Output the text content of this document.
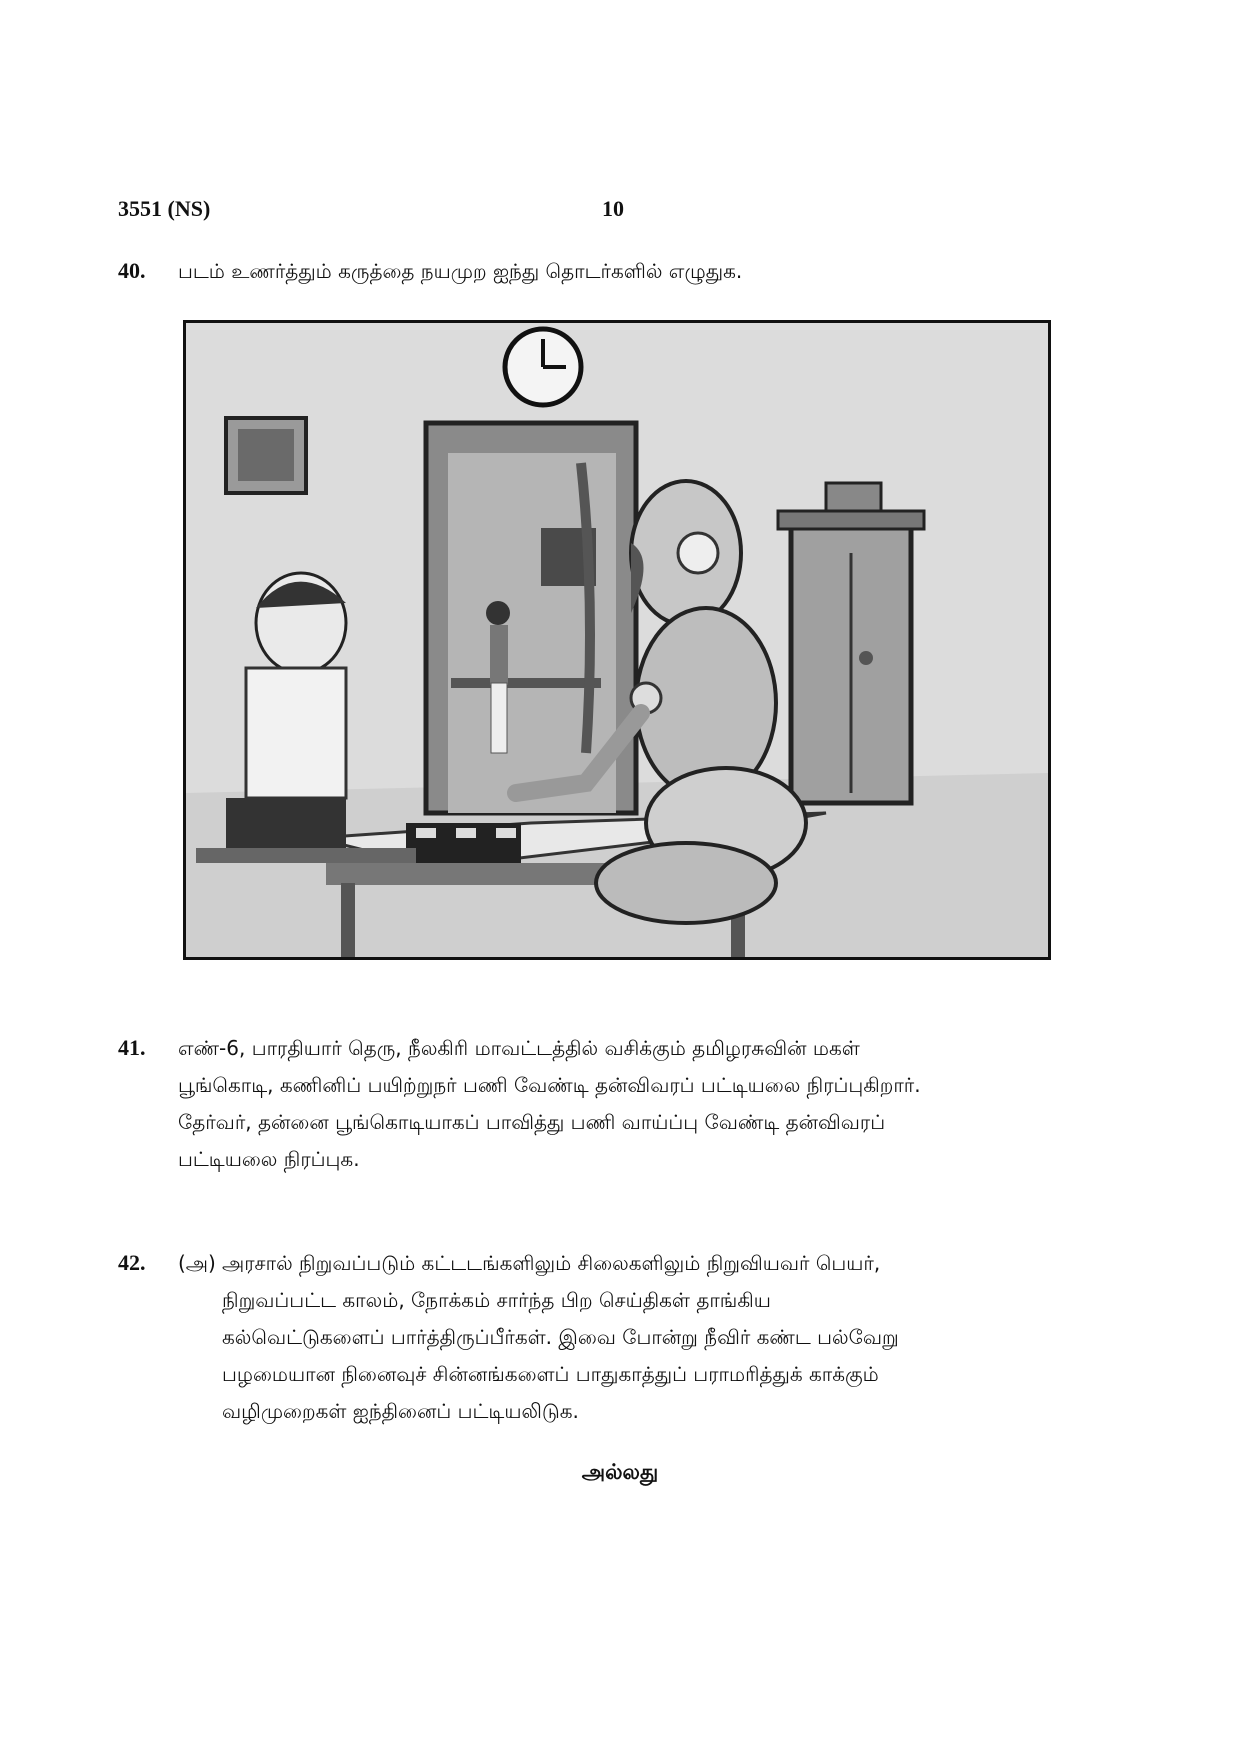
3551 (NS)	10
40. படம் உணர்த்தும் கருத்தை நயமுற ஐந்து தொடர்களில் எழுதுக.
41. எண்-6, பாரதியார் தெரு, நீலகிரி மாவட்டத்தில் வசிக்கும் தமிழரசுவின் மகள்
பூங்கொடி, கணினிப் பயிற்றுநர் பணி வேண்டி தன்விவரப் பட்டியலை நிரப்புகிறார்.
தேர்வர், தன்னை பூங்கொடியாகப் பாவித்து பணி வாய்ப்பு வேண்டி தன்விவரப்
பட்டியலை நிரப்புக.
42. (அ) அரசால் நிறுவப்படும் கட்டடங்களிலும் சிலைகளிலும் நிறுவியவர் பெயர்,
நிறுவப்பட்ட காலம், நோக்கம் சார்ந்த பிற செய்திகள் தாங்கிய
கல்வெட்டுகளைப் பார்த்திருப்பீர்கள். இவை போன்று நீவிர் கண்ட பல்வேறு
பழமையான நினைவுச் சின்னங்களைப் பாதுகாத்துப் பராமரித்துக் காக்கும்
வழிமுறைகள் ஐந்தினைப் பட்டியலிடுக.
அல்லது
